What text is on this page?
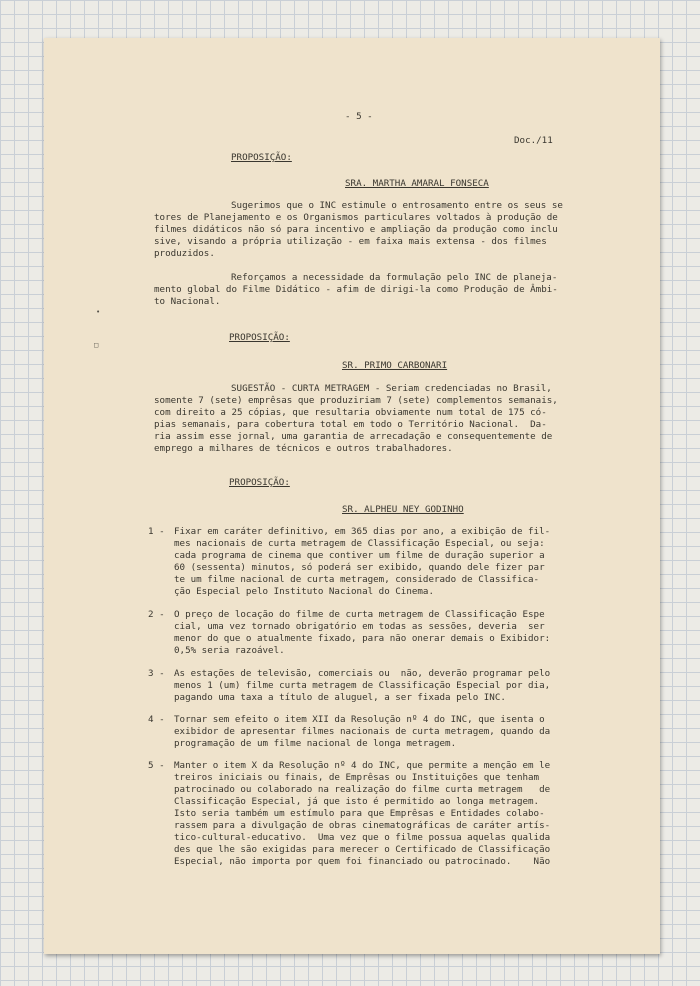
- 5 -

Doc./11

PROPOSIÇÃO:

SRA. MARTHA AMARAL FONSECA

Sugerimos que o INC estimule o entrosamento entre os seus se

tores de Planejamento e os Organismos particulares voltados à produção de

filmes didáticos não só para incentivo e ampliação da produção como inclu

sive, visando a própria utilização - em faixa mais extensa - dos filmes

produzidos.

Reforçamos a necessidade da formulação pelo INC de planeja-

mento global do Filme Didático - afim de dirigi-la como Produção de Âmbi-

to Nacional.

PROPOSIÇÃO:

SR. PRIMO CARBONARI

SUGESTÃO - CURTA METRAGEM - Seriam credenciadas no Brasil,

somente 7 (sete) emprêsas que produziriam 7 (sete) complementos semanais,

com direito a 25 cópias, que resultaria obviamente num total de 175 có-

pias semanais, para cobertura total em todo o Território Nacional.  Da-

ria assim esse jornal, uma garantia de arrecadação e consequentemente de

emprego a milhares de técnicos e outros trabalhadores.

PROPOSIÇÃO:

SR. ALPHEU NEY GODINHO

1 - Fixar em caráter definitivo, em 365 dias por ano, a exibição de fil-

mes nacionais de curta metragem de Classificação Especial, ou seja:

cada programa de cinema que contiver um filme de duração superior a

60 (sessenta) minutos, só poderá ser exibido, quando dele fizer par

te um filme nacional de curta metragem, considerado de Classifica-

ção Especial pelo Instituto Nacional do Cinema.

2 - O preço de locação do filme de curta metragem de Classificação Espe

cial, uma vez tornado obrigatório em todas as sessões, deveria  ser

menor do que o atualmente fixado, para não onerar demais o Exibidor:

0,5% seria razoável.

3 - As estações de televisão, comerciais ou  não, deverão programar pelo

menos 1 (um) filme curta metragem de Classificação Especial por dia,

pagando uma taxa a título de aluguel, a ser fixada pelo INC.

4 - Tornar sem efeito o item XII da Resolução nº 4 do INC, que isenta o

exibidor de apresentar filmes nacionais de curta metragem, quando da

programação de um filme nacional de longa metragem.

5 - Manter o item X da Resolução nº 4 do INC, que permite a menção em le

treiros iniciais ou finais, de Emprêsas ou Instituições que tenham

patrocinado ou colaborado na realização do filme curta metragem   de

Classificação Especial, já que isto é permitido ao longa metragem.

Isto seria também um estímulo para que Emprêsas e Entidades colabo-

rassem para a divulgação de obras cinematográficas de caráter artís-

tico-cultural-educativo.  Uma vez que o filme possua aquelas qualida

des que lhe são exigidas para merecer o Certificado de Classificação

Especial, não importa por quem foi financiado ou patrocinado.    Não

•
□
